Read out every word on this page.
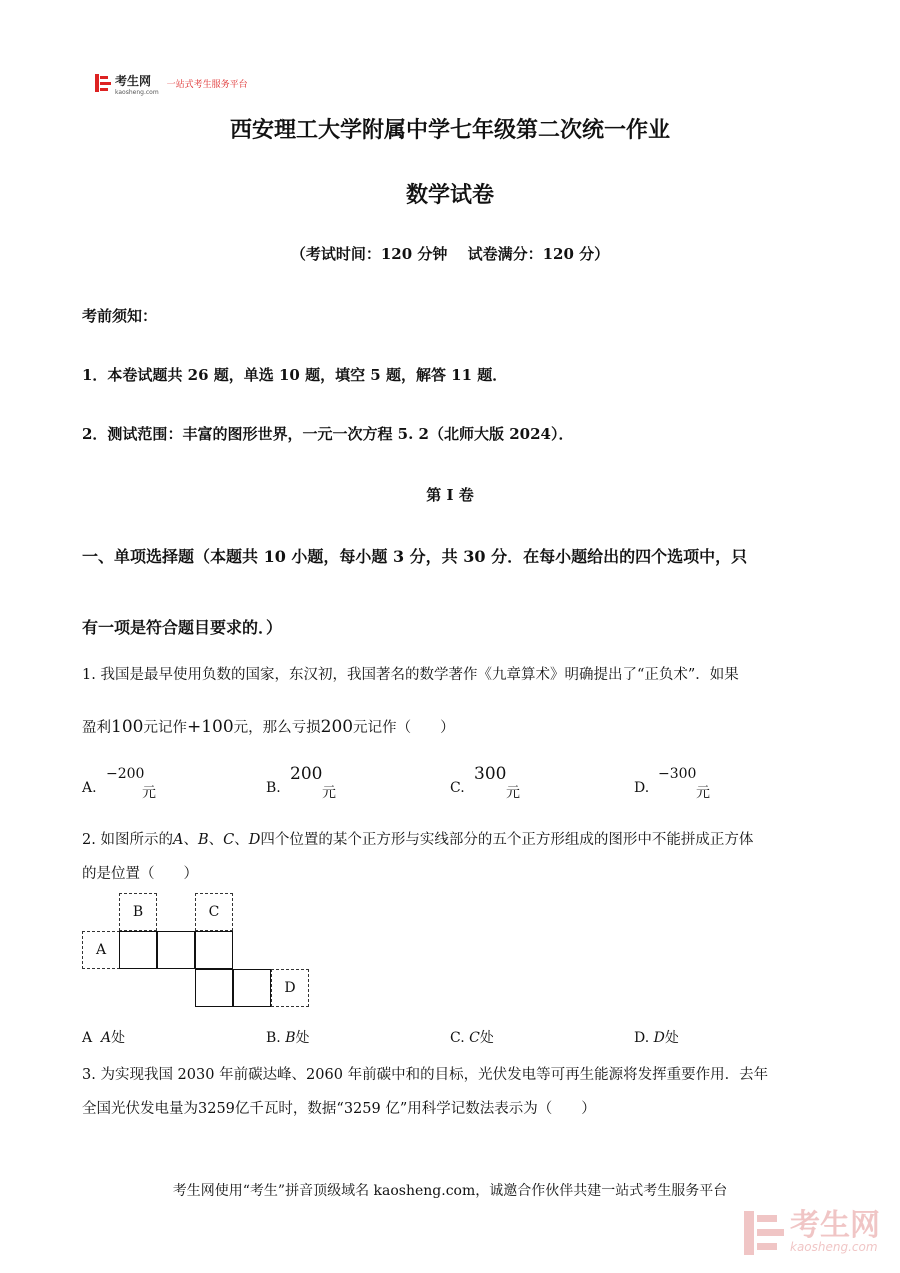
考生网
kaosheng.com
一站式考生服务平台
西安理工大学附属中学七年级第二次统一作业
数学试卷
（考试时间：120 分钟　 试卷满分：120 分）
考前须知：
1．本卷试题共 26 题，单选 10 题，填空 5 题，解答 11 题．
2．测试范围：丰富的图形世界，一元一次方程 5. 2（北师大版 2024）．
第 I 卷
一、单项选择题（本题共 10 小题，每小题 3 分，共 30 分．在每小题给出的四个选项中，只
有一项是符合题目要求的．）
1. 我国是最早使用负数的国家，东汉初，我国著名的数学著作《九章算术》明确提出了“正负术”．如果
盈利100元记作+100元，那么亏损200元记作（　　）
A.
−200
元	B.
200
元	C.
300
元	D.
−300
元
2. 如图所示的A、B、C、D四个位置的某个正方形与实线部分的五个正方形组成的图形中不能拼成正方体
的是位置（　　）
B	C
A
D
A A处	B. B处	C. C处	D. D处
3. 为实现我国 2030 年前碳达峰、2060 年前碳中和的目标，光伏发电等可再生能源将发挥重要作用．去年
全国光伏发电量为3259亿千瓦时，数据“3259 亿”用科学记数法表示为（　　）
考生网使用“考生”拼音顶级域名 kaosheng.com，诚邀合作伙伴共建一站式考生服务平台
考生网
kaosheng.com
